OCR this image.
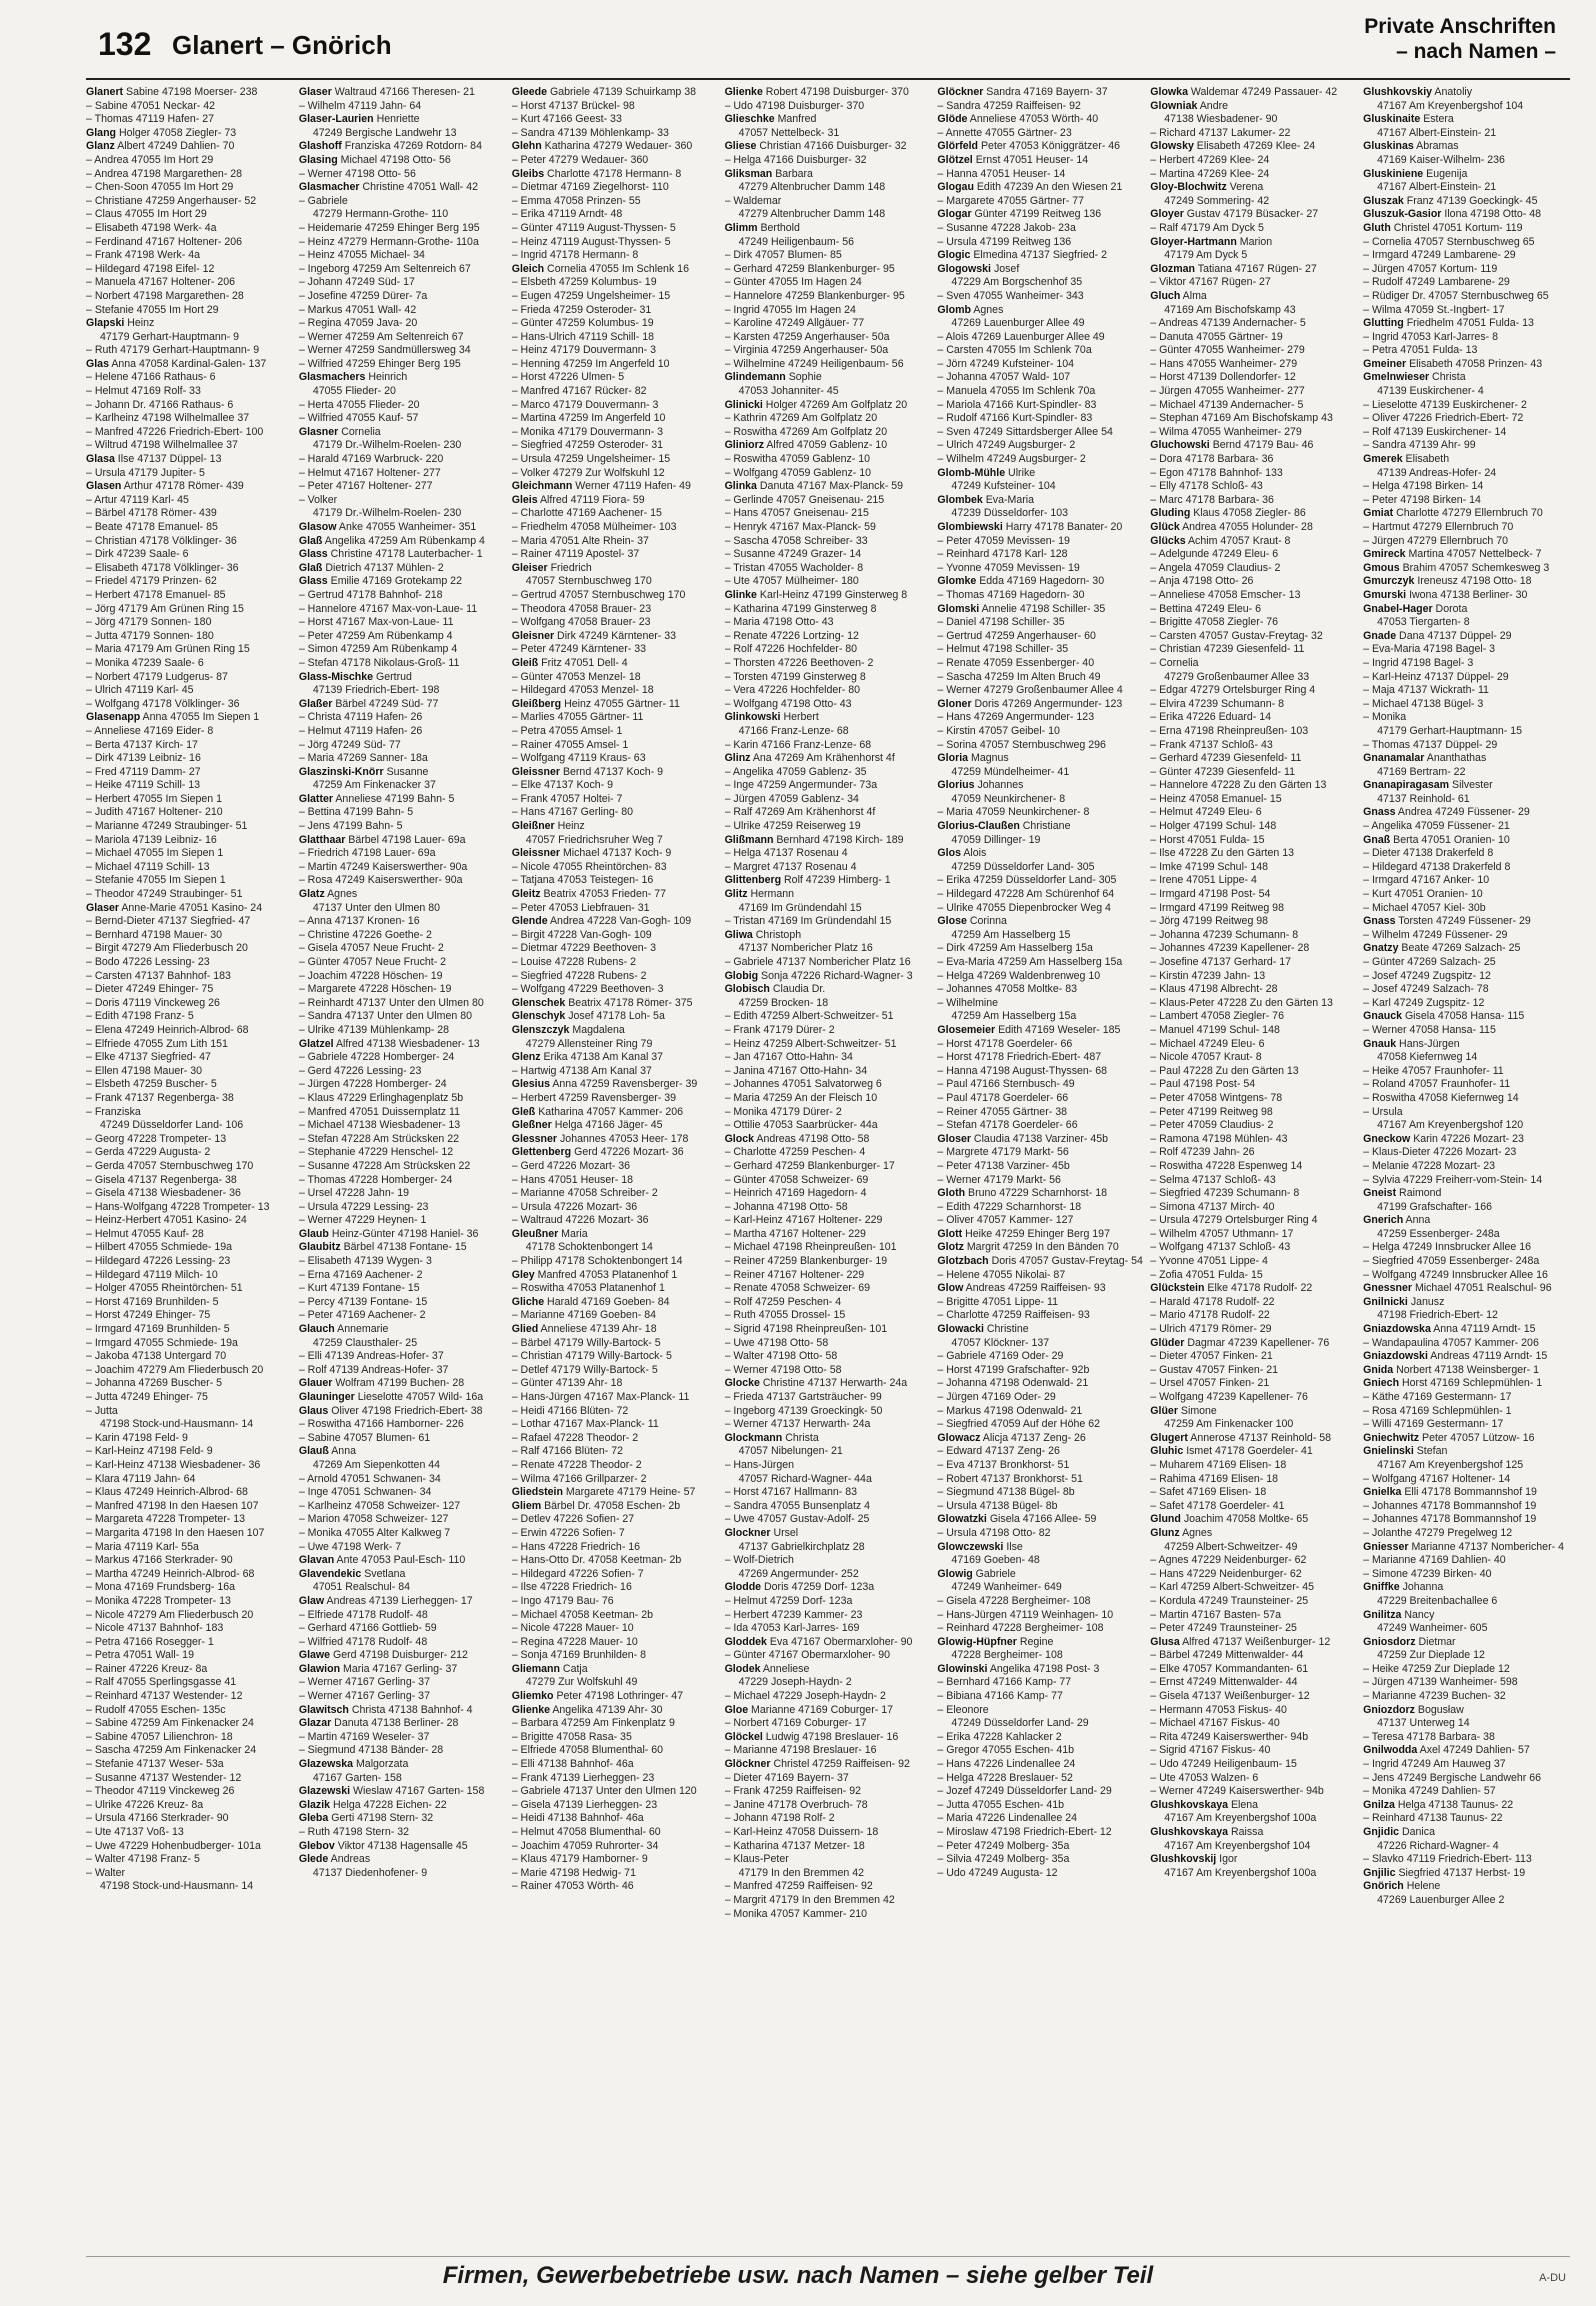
132 Glanert – Gnörich
Private Anschriften
– nach Namen –
Glanert Sabine 47198 Moerser- 238
– Sabine 47051 Neckar- 42
– Thomas 47119 Hafen- 27
Glang Holger 47058 Ziegler- 73
Glanz Albert 47249 Dahlien- 70
– Andrea 47055 Im Hort 29
– Andrea 47198 Margarethen- 28
– Chen-Soon 47055 Im Hort 29
– Christiane 47259 Angerhauser- 52
– Claus 47055 Im Hort 29
– Elisabeth 47198 Werk- 4a
– Ferdinand 47167 Holtener- 206
– Frank 47198 Werk- 4a
– Hildegard 47198 Eifel- 12
– Manuela 47167 Holtener- 206
– Norbert 47198 Margarethen- 28
– Stefanie 47055 Im Hort 29
Glapski Heinz
47179 Gerhart-Hauptmann- 9
– Ruth 47179 Gerhart-Hauptmann- 9
Glas Anna 47058 Kardinal-Galen- 137
– Helene 47166 Rathaus- 6
– Helmut 47169 Rolf- 33
– Johann Dr. 47166 Rathaus- 6
– Karlheinz 47198 Wilhelmallee 37
– Manfred 47226 Friedrich-Ebert- 100
– Wiltrud 47198 Wilhelmallee 37
Glasa Ilse 47137 Düppel- 13
– Ursula 47179 Jupiter- 5
Glasen Arthur 47178 Römer- 439
– Artur 47119 Karl- 45
– Bärbel 47178 Römer- 439
– Beate 47178 Emanuel- 85
– Christian 47178 Völklinger- 36
– Dirk 47239 Saale- 6
– Elisabeth 47178 Völklinger- 36
– Friedel 47179 Prinzen- 62
– Herbert 47178 Emanuel- 85
– Jörg 47179 Am Grünen Ring 15
– Jörg 47179 Sonnen- 180
– Jutta 47179 Sonnen- 180
– Maria 47179 Am Grünen Ring 15
– Monika 47239 Saale- 6
– Norbert 47179 Ludgerus- 87
– Ulrich 47119 Karl- 45
– Wolfgang 47178 Völklinger- 36
Glasenapp Anna 47055 Im Siepen 1
– Anneliese 47169 Eider- 8
– Berta 47137 Kirch- 17
– Dirk 47139 Leibniz- 16
– Fred 47119 Damm- 27
– Heike 47119 Schill- 13
– Herbert 47055 Im Siepen 1
– Judith 47167 Holtener- 210
– Marianne 47249 Straubinger- 51
– Mariola 47139 Leibniz- 16
– Michael 47055 Im Siepen 1
– Michael 47119 Schill- 13
– Stefanie 47055 Im Siepen 1
– Theodor 47249 Straubinger- 51
Glaser Anne-Marie 47051 Kasino- 24
– Bernd-Dieter 47137 Siegfried- 47
– Bernhard 47198 Mauer- 30
– Birgit 47279 Am Fliederbusch 20
– Bodo 47226 Lessing- 23
– Carsten 47137 Bahnhof- 183
– Dieter 47249 Ehinger- 75
– Doris 47119 Vinckeweg 26
– Edith 47198 Franz- 5
– Elena 47249 Heinrich-Albrod- 68
– Elfriede 47055 Zum Lith 151
– Elke 47137 Siegfried- 47
– Ellen 47198 Mauer- 30
– Elsbeth 47259 Buscher- 5
– Frank 47137 Regenberga- 38
– Franziska
47249 Düsseldorfer Land- 106
– Georg 47228 Trompeter- 13
– Gerda 47229 Augusta- 2
– Gerda 47057 Sternbuschweg 170
– Gisela 47137 Regenberga- 38
– Gisela 47138 Wiesbadener- 36
– Hans-Wolfgang 47228 Trompeter- 13
– Heinz-Herbert 47051 Kasino- 24
– Helmut 47055 Kauf- 28
– Hilbert 47055 Schmiede- 19a
– Hildegard 47226 Lessing- 23
– Hildegard 47119 Milch- 10
– Holger 47055 Rheintörchen- 51
– Horst 47169 Brunhilden- 5
– Horst 47249 Ehinger- 75
– Irmgard 47169 Brunhilden- 5
– Irmgard 47055 Schmiede- 19a
– Jakoba 47138 Untergard 70
– Joachim 47279 Am Fliederbusch 20
– Johanna 47269 Buscher- 5
– Jutta 47249 Ehinger- 75
– Jutta
47198 Stock-und-Hausmann- 14
– Karin 47198 Feld- 9
– Karl-Heinz 47198 Feld- 9
– Karl-Heinz 47138 Wiesbadener- 36
– Klara 47119 Jahn- 64
– Klaus 47249 Heinrich-Albrod- 68
– Manfred 47198 In den Haesen 107
– Margareta 47228 Trompeter- 13
– Margarita 47198 In den Haesen 107
– Maria 47119 Karl- 55a
– Markus 47166 Sterkrader- 90
– Martha 47249 Heinrich-Albrod- 68
– Mona 47169 Frundsberg- 16a
– Monika 47228 Trompeter- 13
– Nicole 47279 Am Fliederbusch 20
– Nicole 47137 Bahnhof- 183
– Petra 47166 Rosegger- 1
– Petra 47051 Wall- 19
– Rainer 47226 Kreuz- 8a
– Ralf 47055 Sperlingsgasse 41
– Reinhard 47137 Westender- 12
– Rudolf 47055 Eschen- 135c
– Sabine 47259 Am Finkenacker 24
– Sabine 47057 Lilienchron- 18
– Sascha 47259 Am Finkenacker 24
– Stefanie 47137 Weser- 53a
– Susanne 47137 Westender- 12
– Theodor 47119 Vinckeweg 26
– Ulrike 47226 Kreuz- 8a
– Ursula 47166 Sterkrader- 90
– Ute 47137 Voß- 13
– Uwe 47229 Hohenbudberger- 101a
– Walter 47198 Franz- 5
– Walter
47198 Stock-und-Hausmann- 14
Glaser Waltraud 47166 Theresen- 21
– Wilhelm 47119 Jahn- 64
Glaser-Laurien Henriette
47249 Bergische Landwehr 13
Glashoff Franziska 47269 Rotdorn- 84
Glasing Michael 47198 Otto- 56
– Werner 47198 Otto- 56
Glasmacher Christine 47051 Wall- 42
– Gabriele
47279 Hermann-Grothe- 110
– Heidemarie 47259 Ehinger Berg 195
– Heinz 47279 Hermann-Grothe- 110a
– Heinz 47055 Michael- 34
– Ingeborg 47259 Am Seltenreich 67
– Johann 47249 Süd- 17
– Josefine 47259 Dürer- 7a
– Markus 47051 Wall- 42
– Regina 47059 Java- 20
– Werner 47259 Am Seltenreich 67
– Werner 47259 Sandmüllersweg 34
– Wilfried 47259 Ehinger Berg 195
Glasmachers Heinrich
47055 Flieder- 20
– Herta 47055 Flieder- 20
– Wilfried 47055 Kauf- 57
Glasner Cornelia
47179 Dr.-Wilhelm-Roelen- 230
– Harald 47169 Warbruck- 220
– Helmut 47167 Holtener- 277
– Peter 47167 Holtener- 277
– Volker
47179 Dr.-Wilhelm-Roelen- 230
Glasow Anke 47055 Wanheimer- 351
Glaß Angelika 47259 Am Rübenkamp 4
Glass Christine 47178 Lauterbacher- 1
Glaß Dietrich 47137 Mühlen- 2
Glass Emilie 47169 Grotekamp 22
– Gertrud 47178 Bahnhof- 218
– Hannelore 47167 Max-von-Laue- 11
– Horst 47167 Max-von-Laue- 11
– Peter 47259 Am Rübenkamp 4
– Simon 47259 Am Rübenkamp 4
– Stefan 47178 Nikolaus-Groß- 11
Glass-Mischke Gertrud
47139 Friedrich-Ebert- 198
Glaßer Bärbel 47249 Süd- 77
– Christa 47119 Hafen- 26
– Helmut 47119 Hafen- 26
– Jörg 47249 Süd- 77
– Maria 47269 Sanner- 18a
Glaszinski-Knörr Susanne
47259 Am Finkenacker 37
Glatter Anneliese 47199 Bahn- 5
– Bettina 47199 Bahn- 5
– Jens 47199 Bahn- 5
Glatthaar Bärbel 47198 Lauer- 69a
– Friedrich 47198 Lauer- 69a
– Martin 47249 Kaiserswerther- 90a
– Rosa 47249 Kaiserswerther- 90a
Glatz Agnes
47137 Unter den Ulmen 80
– Anna 47137 Kronen- 16
– Christine 47226 Goethe- 2
– Gisela 47057 Neue Frucht- 2
– Günter 47057 Neue Frucht- 2
– Joachim 47228 Höschen- 19
– Margarete 47228 Höschen- 19
– Reinhardt 47137 Unter den Ulmen 80
– Sandra 47137 Unter den Ulmen 80
– Ulrike 47139 Mühlenkamp- 28
Glatzel Alfred 47138 Wiesbadener- 13
– Gabriele 47228 Homberger- 24
– Gerd 47226 Lessing- 23
– Jürgen 47228 Homberger- 24
– Klaus 47229 Erlinghagenplatz 5b
– Manfred 47051 Duissernplatz 11
– Michael 47138 Wiesbadener- 13
– Stefan 47228 Am Strücksken 22
– Stephanie 47229 Henschel- 12
– Susanne 47228 Am Strücksken 22
– Thomas 47228 Homberger- 24
– Ursel 47228 Jahn- 19
– Ursula 47229 Lessing- 23
– Werner 47229 Heynen- 1
Glaub Heinz-Günter 47198 Haniel- 36
Glaubitz Bärbel 47138 Fontane- 15
– Elisabeth 47139 Wygen- 3
– Erna 47169 Aachener- 2
– Kurt 47139 Fontane- 15
– Percy 47139 Fontane- 15
– Peter 47169 Aachener- 2
Glauch Annemarie
47259 Clausthaler- 25
– Elli 47139 Andreas-Hofer- 37
– Rolf 47139 Andreas-Hofer- 37
Glauer Wolfram 47199 Buchen- 28
Glauninger Lieselotte 47057 Wild- 16a
Glaus Oliver 47198 Friedrich-Ebert- 38
– Roswitha 47166 Hamborner- 226
– Sabine 47057 Blumen- 61
Glauß Anna
47269 Am Siepenkotten 44
– Arnold 47051 Schwanen- 34
– Inge 47051 Schwanen- 34
– Karlheinz 47058 Schweizer- 127
– Marion 47058 Schweizer- 127
– Monika 47055 Alter Kalkweg 7
– Uwe 47198 Werk- 7
Glavan Ante 47053 Paul-Esch- 110
Glavendekic Svetlana
47051 Realschul- 84
Glaw Andreas 47139 Lierheggen- 17
– Elfriede 47178 Rudolf- 48
– Gerhard 47166 Gottlieb- 59
– Wilfried 47178 Rudolf- 48
Glawe Gerd 47198 Duisburger- 212
Glawion Maria 47167 Gerling- 37
– Werner 47167 Gerling- 37
– Werner 47167 Gerling- 37
Glawitsch Christa 47138 Bahnhof- 4
Glazar Danuta 47138 Berliner- 28
– Martin 47169 Weseler- 37
– Siegmund 47138 Bänder- 28
Glazewska Malgorzata
47167 Garten- 158
Glazewski Wieslaw 47167 Garten- 158
Glazik Helga 47228 Eichen- 22
Gleba Gerti 47198 Stern- 32
– Ruth 47198 Stern- 32
Glebov Viktor 47138 Hagensalle 45
Glede Andreas
47137 Diedenhofener- 9
Gleede Gabriele 47139 Schuirkamp 38
– Horst 47137 Brückel- 98
– Kurt 47166 Geest- 33
– Sandra 47139 Möhlenkamp- 33
Glehn Katharina 47279 Wedauer- 360
– Peter 47279 Wedauer- 360
Gleibs Charlotte 47178 Hermann- 8
– Dietmar 47169 Ziegelhorst- 110
– Emma 47058 Prinzen- 55
– Erika 47119 Arndt- 48
– Günter 47119 August-Thyssen- 5
– Heinz 47119 August-Thyssen- 5
– Ingrid 47178 Hermann- 8
Gleich Cornelia 47055 Im Schlenk 16
– Elsbeth 47259 Kolumbus- 19
– Eugen 47259 Ungelsheimer- 15
– Frieda 47259 Osteroder- 31
– Günter 47259 Kolumbus- 19
– Hans-Ulrich 47119 Schill- 18
– Heinz 47179 Douvermann- 3
– Henning 47259 Im Angerfeld 10
– Horst 47226 Ulmen- 5
– Manfred 47167 Rücker- 82
– Marco 47179 Douvermann- 3
– Martina 47259 Im Angerfeld 10
– Monika 47179 Douvermann- 3
– Siegfried 47259 Osteroder- 31
– Ursula 47259 Ungelsheimer- 15
– Volker 47279 Zur Wolfskuhl 12
Gleichmann Werner 47119 Hafen- 49
Gleis Alfred 47119 Fiora- 59
– Charlotte 47169 Aachener- 15
– Friedhelm 47058 Mülheimer- 103
– Maria 47051 Alte Rhein- 37
– Rainer 47119 Apostel- 37
Gleiser Friedrich
47057 Sternbuschweg 170
– Gertrud 47057 Sternbuschweg 170
– Theodora 47058 Brauer- 23
– Wolfgang 47058 Brauer- 23
Gleisner Dirk 47249 Kärntener- 33
– Peter 47249 Kärntener- 33
Gleiß Fritz 47051 Dell- 4
– Günter 47053 Menzel- 18
– Hildegard 47053 Menzel- 18
Gleißberg Heinz 47055 Gärtner- 11
– Marlies 47055 Gärtner- 11
– Petra 47055 Amsel- 1
– Rainer 47055 Amsel- 1
– Wolfgang 47119 Kraus- 63
Gleissner Bernd 47137 Koch- 9
– Elke 47137 Koch- 9
– Frank 47057 Holtei- 7
– Hans 47167 Gerling- 80
Gleißner Heinz
47057 Friedrichsruher Weg 7
Gleissner Michael 47137 Koch- 9
– Nicole 47055 Rheintörchen- 83
– Tatjana 47053 Teistegen- 16
Gleitz Beatrix 47053 Frieden- 77
– Peter 47053 Liebfrauen- 31
Glende Andrea 47228 Van-Gogh- 109
– Birgit 47228 Van-Gogh- 109
– Dietmar 47229 Beethoven- 3
– Louise 47228 Rubens- 2
– Siegfried 47228 Rubens- 2
– Wolfgang 47229 Beethoven- 3
Glenschek Beatrix 47178 Römer- 375
Glenschyk Josef 47178 Loh- 5a
Glenszczyk Magdalena
47279 Allensteiner Ring 79
Glenz Erika 47138 Am Kanal 37
– Hartwig 47138 Am Kanal 37
Glesius Anna 47259 Ravensberger- 39
– Herbert 47259 Ravensberger- 39
Gleß Katharina 47057 Kammer- 206
Gleßner Helga 47166 Jäger- 45
Glessner Johannes 47053 Heer- 178
Glettenberg Gerd 47226 Mozart- 36
– Gerd 47226 Mozart- 36
– Hans 47051 Heuser- 18
– Marianne 47058 Schreiber- 2
– Ursula 47226 Mozart- 36
– Waltraud 47226 Mozart- 36
Gleußner Maria
47178 Schoktenbongert 14
– Philipp 47178 Schoktenbongert 14
Gley Manfred 47053 Platanenhof 1
– Roswitha 47053 Platanenhof 1
Gliche Harald 47169 Goeben- 84
– Marianne 47169 Goeben- 84
Glied Anneliese 47139 Ahr- 18
– Bärbel 47179 Willy-Bartock- 5
– Christian 47179 Willy-Bartock- 5
– Detlef 47179 Willy-Bartock- 5
– Günter 47139 Ahr- 18
– Hans-Jürgen 47167 Max-Planck- 11
– Heidi 47166 Blüten- 72
– Lothar 47167 Max-Planck- 11
– Rafael 47228 Theodor- 2
– Ralf 47166 Blüten- 72
– Renate 47228 Theodor- 2
– Wilma 47166 Grillparzer- 2
Gliedstein Margarete 47179 Heine- 57
Gliem Bärbel Dr. 47058 Eschen- 2b
– Detlev 47226 Sofien- 27
– Erwin 47226 Sofien- 7
– Hans 47228 Friedrich- 16
– Hans-Otto Dr. 47058 Keetman- 2b
– Hildegard 47226 Sofien- 7
– Ilse 47228 Friedrich- 16
– Ingo 47179 Bau- 76
– Michael 47058 Keetman- 2b
– Nicole 47228 Mauer- 10
– Regina 47228 Mauer- 10
– Sonja 47169 Brunhilden- 8
Gliemann Catja
47279 Zur Wolfskuhl 49
Gliemko Peter 47198 Lothringer- 47
Glienke Angelika 47139 Ahr- 30
– Barbara 47259 Am Finkenplatz 9
– Brigitte 47058 Rasa- 35
– Elfriede 47058 Blumenthal- 60
– Elli 47138 Bahnhof- 46a
– Frank 47139 Lierheggen- 23
– Gabriele 47137 Unter den Ulmen 120
– Gisela 47139 Lierheggen- 23
– Heidi 47138 Bahnhof- 46a
– Helmut 47058 Blumenthal- 60
– Joachim 47059 Ruhrorter- 34
– Klaus 47179 Hamborner- 9
– Marie 47198 Hedwig- 71
– Rainer 47053 Wörth- 46
Glienke Robert 47198 Duisburger- 370
– Udo 47198 Duisburger- 370
Glieschke Manfred
47057 Nettelbeck- 31
Gliese Christian 47166 Duisburger- 32
– Helga 47166 Duisburger- 32
Gliksman Barbara
47279 Altenbrucher Damm 148
– Waldemar
47279 Altenbrucher Damm 148
Glimm Berthold
47249 Heiligenbaum- 56
– Dirk 47057 Blumen- 85
– Gerhard 47259 Blankenburger- 95
– Günter 47055 Im Hagen 24
– Hannelore 47259 Blankenburger- 95
– Ingrid 47055 Im Hagen 24
– Karoline 47249 Allgäuer- 77
– Karsten 47259 Angerhauser- 50a
– Virginia 47259 Angerhauser- 50a
– Wilhelmine 47249 Heiligenbaum- 56
Glindemann Sophie
47053 Johanniter- 45
Glinicki Holger 47269 Am Golfplatz 20
– Kathrin 47269 Am Golfplatz 20
– Roswitha 47269 Am Golfplatz 20
Gliniorz Alfred 47059 Gablenz- 10
– Roswitha 47059 Gablenz- 10
– Wolfgang 47059 Gablenz- 10
Glinka Danuta 47167 Max-Planck- 59
– Gerlinde 47057 Gneisenau- 215
– Hans 47057 Gneisenau- 215
– Henryk 47167 Max-Planck- 59
– Sascha 47058 Schreiber- 33
– Susanne 47249 Grazer- 14
– Tristan 47055 Wacholder- 8
– Ute 47057 Mülheimer- 180
Glinke Karl-Heinz 47199 Ginsterweg 8
– Katharina 47199 Ginsterweg 8
– Maria 47198 Otto- 43
– Renate 47226 Lortzing- 12
– Rolf 47226 Hochfelder- 80
– Thorsten 47226 Beethoven- 2
– Torsten 47199 Ginsterweg 8
– Vera 47226 Hochfelder- 80
– Wolfgang 47198 Otto- 43
Glinkowski Herbert
47166 Franz-Lenze- 68
– Karin 47166 Franz-Lenze- 68
Glinz Ana 47269 Am Krähenhorst 4f
– Angelika 47059 Gablenz- 35
– Inge 47259 Angermunder- 73a
– Jürgen 47059 Gablenz- 34
– Ralf 47269 Am Krähenhorst 4f
– Ulrike 47259 Reiserweg 19
Glißmann Bernhard 47198 Kirch- 189
– Helga 47137 Rosenau 4
– Margret 47137 Rosenau 4
Glittenberg Rolf 47239 Himberg- 1
Glitz Hermann
47169 Im Gründendahl 15
– Tristan 47169 Im Gründendahl 15
Gliwa Christoph
47137 Nombericher Platz 16
– Gabriele 47137 Nombericher Platz 16
Globig Sonja 47226 Richard-Wagner- 3
Globisch Claudia Dr.
47259 Brocken- 18
– Edith 47259 Albert-Schweitzer- 51
– Frank 47179 Dürer- 2
– Heinz 47259 Albert-Schweitzer- 51
– Jan 47167 Otto-Hahn- 34
– Janina 47167 Otto-Hahn- 34
– Johannes 47051 Salvatorweg 6
– Maria 47259 An der Fleisch 10
– Monika 47179 Dürer- 2
– Ottilie 47053 Saarbrücker- 44a
Glock Andreas 47198 Otto- 58
– Charlotte 47259 Peschen- 4
– Gerhard 47259 Blankenburger- 17
– Günter 47058 Schweizer- 69
– Heinrich 47169 Hagedorn- 4
– Johanna 47198 Otto- 58
– Karl-Heinz 47167 Holtener- 229
– Martha 47167 Holtener- 229
– Michael 47198 Rheinpreußen- 101
– Reiner 47259 Blankenburger- 19
– Reiner 47167 Holtener- 229
– Renate 47058 Schweizer- 69
– Rolf 47259 Peschen- 4
– Ruth 47055 Drossel- 15
– Sigrid 47198 Rheinpreußen- 101
– Uwe 47198 Otto- 58
– Walter 47198 Otto- 58
– Werner 47198 Otto- 58
Glocke Christine 47137 Herwarth- 24a
– Frieda 47137 Gartsträucher- 99
– Ingeborg 47139 Groeckingk- 50
– Werner 47137 Herwarth- 24a
Glockmann Christa
47057 Nibelungen- 21
– Hans-Jürgen
47057 Richard-Wagner- 44a
– Horst 47167 Hallmann- 83
– Sandra 47055 Bunsenplatz 4
– Uwe 47057 Gustav-Adolf- 25
Glockner Ursel
47137 Gabrielkirchplatz 28
– Wolf-Dietrich
47269 Angermunder- 252
Glodde Doris 47259 Dorf- 123a
– Helmut 47259 Dorf- 123a
– Herbert 47239 Kammer- 23
– Ida 47053 Karl-Jarres- 169
Gloddek Eva 47167 Obermarxloher- 90
– Günter 47167 Obermarxloher- 90
Glodek Anneliese
47229 Joseph-Haydn- 2
– Michael 47229 Joseph-Haydn- 2
Gloe Marianne 47169 Coburger- 17
– Norbert 47169 Coburger- 17
Glöckel Ludwig 47198 Breslauer- 16
– Marianne 47198 Breslauer- 16
Glöckner Christel 47259 Raiffeisen- 92
– Dieter 47169 Bayern- 37
– Frank 47259 Raiffeisen- 92
– Janine 47178 Overbruch- 78
– Johann 47198 Rolf- 2
– Karl-Heinz 47058 Duissern- 18
– Katharina 47137 Metzer- 18
– Klaus-Peter
47179 In den Bremmen 42
– Manfred 47259 Raiffeisen- 92
– Margrit 47179 In den Bremmen 42
– Monika 47057 Kammer- 210
Glöckner Sandra 47169 Bayern- 37
– Sandra 47259 Raiffeisen- 92
Glöde Anneliese 47053 Wörth- 40
– Annette 47055 Gärtner- 23
Glörfeld Peter 47053 Königgrätzer- 46
Glötzel Ernst 47051 Heuser- 14
– Hanna 47051 Heuser- 14
Glogau Edith 47239 An den Wiesen 21
– Margarete 47055 Gärtner- 77
Glogar Günter 47199 Reitweg 136
– Susanne 47228 Jakob- 23a
– Ursula 47199 Reitweg 136
Glogic Elmedina 47137 Siegfried- 2
Glogowski Josef
47229 Am Borgschenhof 35
– Sven 47055 Wanheimer- 343
Glomb Agnes
47269 Lauenburger Allee 49
– Alois 47269 Lauenburger Allee 49
– Carsten 47055 Im Schlenk 70a
– Jörn 47249 Kufsteiner- 104
– Johanna 47057 Wald- 107
– Manuela 47055 Im Schlenk 70a
– Mariola 47166 Kurt-Spindler- 83
– Rudolf 47166 Kurt-Spindler- 83
– Sven 47249 Sittardsberger Allee 54
– Ulrich 47249 Augsburger- 2
– Wilhelm 47249 Augsburger- 2
Glomb-Mühle Ulrike
47249 Kufsteiner- 104
Glombek Eva-Maria
47239 Düsseldorfer- 103
Glombiewski Harry 47178 Banater- 20
– Peter 47059 Mevissen- 19
– Reinhard 47178 Karl- 128
– Yvonne 47059 Mevissen- 19
Glomke Edda 47169 Hagedorn- 30
– Thomas 47169 Hagedorn- 30
Glomski Annelie 47198 Schiller- 35
– Daniel 47198 Schiller- 35
– Gertrud 47259 Angerhauser- 60
– Helmut 47198 Schiller- 35
– Renate 47059 Essenberger- 40
– Sascha 47259 Im Alten Bruch 49
– Werner 47279 Großenbaumer Allee 4
Gloner Doris 47269 Angermunder- 123
– Hans 47269 Angermunder- 123
– Kirstin 47057 Geibel- 10
– Sorina 47057 Sternbuschweg 296
Gloria Magnus
47259 Mündelheimer- 41
Glorius Johannes
47059 Neunkirchener- 8
– Maria 47059 Neunkirchener- 8
Glorius-Claußen Christiane
47059 Dillinger- 19
Glos Alois
47259 Düsseldorfer Land- 305
– Erika 47259 Düsseldorfer Land- 305
– Hildegard 47228 Am Schürenhof 64
– Ulrike 47055 Diepenbrocker Weg 4
Glose Corinna
47259 Am Hasselberg 15
– Dirk 47259 Am Hasselberg 15a
– Eva-Maria 47259 Am Hasselberg 15a
– Helga 47269 Waldenbrenweg 10
– Johannes 47058 Moltke- 83
– Wilhelmine
47259 Am Hasselberg 15a
Glosemeier Edith 47169 Weseler- 185
– Horst 47178 Goerdeler- 66
– Horst 47178 Friedrich-Ebert- 487
– Hanna 47198 August-Thyssen- 68
– Paul 47166 Sternbusch- 49
– Paul 47178 Goerdeler- 66
– Reiner 47055 Gärtner- 38
– Stefan 47178 Goerdeler- 66
Gloser Claudia 47138 Varziner- 45b
– Margrete 47179 Markt- 56
– Peter 47138 Varziner- 45b
– Werner 47179 Markt- 56
Gloth Bruno 47229 Scharnhorst- 18
– Edith 47229 Scharnhorst- 18
– Oliver 47057 Kammer- 127
Glott Heike 47259 Ehinger Berg 197
Glotz Margrit 47259 In den Bänden 70
Glotzbach Doris 47057 Gustav-Freytag- 54
– Helene 47055 Nikolai- 87
Glow Andreas 47259 Raiffeisen- 93
– Brigitte 47051 Lippe- 11
– Charlotte 47259 Raiffeisen- 93
Glowacki Christine
47057 Klöckner- 137
– Gabriele 47169 Oder- 29
– Horst 47199 Grafschafter- 92b
– Johanna 47198 Odenwald- 21
– Jürgen 47169 Oder- 29
– Markus 47198 Odenwald- 21
– Siegfried 47059 Auf der Höhe 62
Glowacz Alicja 47137 Zeng- 26
– Edward 47137 Zeng- 26
– Eva 47137 Bronkhorst- 51
– Robert 47137 Bronkhorst- 51
– Siegmund 47138 Bügel- 8b
– Ursula 47138 Bügel- 8b
Glowatzki Gisela 47166 Allee- 59
– Ursula 47198 Otto- 82
Glowczewski Ilse
47169 Goeben- 48
Glowig Gabriele
47249 Wanheimer- 649
– Gisela 47228 Bergheimer- 108
– Hans-Jürgen 47119 Weinhagen- 10
– Reinhard 47228 Bergheimer- 108
Glowig-Hüpfner Regine
47228 Bergheimer- 108
Glowinski Angelika 47198 Post- 3
– Bernhard 47166 Kamp- 77
– Bibiana 47166 Kamp- 77
– Eleonore
47249 Düsseldorfer Land- 29
– Erika 47228 Kahlacker 2
– Gregor 47055 Eschen- 41b
– Hans 47226 Lindenallee 24
– Helga 47228 Breslauer- 52
– Jozef 47249 Düsseldorfer Land- 29
– Jutta 47055 Eschen- 41b
– Maria 47226 Lindenallee 24
– Miroslaw 47198 Friedrich-Ebert- 12
– Peter 47249 Molberg- 35a
– Silvia 47249 Molberg- 35a
– Udo 47249 Augusta- 12
Glowka Waldemar 47249 Passauer- 42
Glowniak Andre
47138 Wiesbadener- 90
– Richard 47137 Lakumer- 22
Glowsky Elisabeth 47269 Klee- 24
– Herbert 47269 Klee- 24
– Martina 47269 Klee- 24
Gloy-Blochwitz Verena
47249 Sommering- 42
Gloyer Gustav 47179 Büsacker- 27
– Ralf 47179 Am Dyck 5
Gloyer-Hartmann Marion
47179 Am Dyck 5
Glozman Tatiana 47167 Rügen- 27
– Viktor 47167 Rügen- 27
Gluch Alma
47169 Am Bischofskamp 43
– Andreas 47139 Andernacher- 5
– Danuta 47055 Gärtner- 19
– Günter 47055 Wanheimer- 279
– Hans 47055 Wanheimer- 279
– Horst 47139 Dollendorfer- 12
– Jürgen 47055 Wanheimer- 277
– Michael 47139 Andernacher- 5
– Stephan 47169 Am Bischofskamp 43
– Wilma 47055 Wanheimer- 279
Gluchowski Bernd 47179 Bau- 46
– Dora 47178 Barbara- 36
– Egon 47178 Bahnhof- 133
– Elly 47178 Schloß- 43
– Marc 47178 Barbara- 36
Gluding Klaus 47058 Ziegler- 86
Glück Andrea 47055 Holunder- 28
Glücks Achim 47057 Kraut- 8
– Adelgunde 47249 Eleu- 6
– Angela 47059 Claudius- 2
– Anja 47198 Otto- 26
– Anneliese 47058 Emscher- 13
– Bettina 47249 Eleu- 6
– Brigitte 47058 Ziegler- 76
– Carsten 47057 Gustav-Freytag- 32
– Christian 47239 Giesenfeld- 11
– Cornelia
47279 Großenbaumer Allee 33
– Edgar 47279 Ortelsburger Ring 4
– Elvira 47239 Schumann- 8
– Erika 47226 Eduard- 14
– Erna 47198 Rheinpreußen- 103
– Frank 47137 Schloß- 43
– Gerhard 47239 Giesenfeld- 11
– Günter 47239 Giesenfeld- 11
– Hannelore 47228 Zu den Gärten 13
– Heinz 47058 Emanuel- 15
– Helmut 47249 Eleu- 6
– Holger 47199 Schul- 148
– Horst 47051 Fulda- 15
– Ilse 47228 Zu den Gärten 13
– Imke 47199 Schul- 148
– Irene 47051 Lippe- 4
– Irmgard 47198 Post- 54
– Irmgard 47199 Reitweg 98
– Jörg 47199 Reitweg 98
– Johanna 47239 Schumann- 8
– Johannes 47239 Kapellener- 28
– Josefine 47137 Gerhard- 17
– Kirstin 47239 Jahn- 13
– Klaus 47198 Albrecht- 28
– Klaus-Peter 47228 Zu den Gärten 13
– Lambert 47058 Ziegler- 76
– Manuel 47199 Schul- 148
– Michael 47249 Eleu- 6
– Nicole 47057 Kraut- 8
– Paul 47228 Zu den Gärten 13
– Paul 47198 Post- 54
– Peter 47058 Wintgens- 78
– Peter 47199 Reitweg 98
– Peter 47059 Claudius- 2
– Ramona 47198 Mühlen- 43
– Rolf 47239 Jahn- 26
– Roswitha 47228 Espenweg 14
– Selma 47137 Schloß- 43
– Siegfried 47239 Schumann- 8
– Simona 47137 Mirch- 40
– Ursula 47279 Ortelsburger Ring 4
– Wilhelm 47057 Uthmann- 17
– Wolfgang 47137 Schloß- 43
– Yvonne 47051 Lippe- 4
– Zofia 47051 Fulda- 15
Glückstein Elke 47178 Rudolf- 22
– Harald 47178 Rudolf- 22
– Mario 47178 Rudolf- 22
– Ulrich 47179 Römer- 29
Glüder Dagmar 47239 Kapellener- 76
– Dieter 47057 Finken- 21
– Gustav 47057 Finken- 21
– Ursel 47057 Finken- 21
– Wolfgang 47239 Kapellener- 76
Glüer Simone
47259 Am Finkenacker 100
Glugert Annerose 47137 Reinhold- 58
Gluhic Ismet 47178 Goerdeler- 41
– Muharem 47169 Elisen- 18
– Rahima 47169 Elisen- 18
– Safet 47169 Elisen- 18
– Safet 47178 Goerdeler- 41
Glund Joachim 47058 Moltke- 65
Glunz Agnes
47259 Albert-Schweitzer- 49
– Agnes 47229 Neidenburger- 62
– Hans 47229 Neidenburger- 62
– Karl 47259 Albert-Schweitzer- 45
– Kordula 47249 Traunsteiner- 25
– Martin 47167 Basten- 57a
– Peter 47249 Traunsteiner- 25
Glusa Alfred 47137 Weißenburger- 12
– Bärbel 47249 Mittenwalder- 44
– Elke 47057 Kommandanten- 61
– Ernst 47249 Mittenwalder- 44
– Gisela 47137 Weißenburger- 12
– Hermann 47053 Fiskus- 40
– Michael 47167 Fiskus- 40
– Rita 47249 Kaiserswerther- 94b
– Sigrid 47167 Fiskus- 40
– Udo 47249 Heiligenbaum- 15
– Ute 47053 Walzen- 6
– Werner 47249 Kaiserswerther- 94b
Glushkovskaya Elena
47167 Am Kreyenbergshof 100a
Glushkovskaya Raissa
47167 Am Kreyenbergshof 104
Glushkovskij Igor
47167 Am Kreyenbergshof 100a
Glushkovskiy Anatoliy
47167 Am Kreyenbergshof 104
Gluskinaite Estera
47167 Albert-Einstein- 21
Gluskinas Abramas
47169 Kaiser-Wilhelm- 236
Gluskiniene Eugenija
47167 Albert-Einstein- 21
Gluszak Franz 47139 Goeckingk- 45
Gluszuk-Gasior Ilona 47198 Otto- 48
Gluth Christel 47051 Kortum- 119
– Cornelia 47057 Sternbuschweg 65
– Irmgard 47249 Lambarene- 29
– Jürgen 47057 Kortum- 119
– Rudolf 47249 Lambarene- 29
– Rüdiger Dr. 47057 Sternbuschweg 65
– Wilma 47059 St.-Ingbert- 17
Glutting Friedhelm 47051 Fulda- 13
– Ingrid 47053 Karl-Jarres- 8
– Petra 47051 Fulda- 13
Gmeiner Elisabeth 47058 Prinzen- 43
Gmelnwieser Christa
47139 Euskirchener- 4
– Lieselotte 47139 Euskirchener- 2
– Oliver 47226 Friedrich-Ebert- 72
– Rolf 47139 Euskirchener- 14
– Sandra 47139 Ahr- 99
Gmerek Elisabeth
47139 Andreas-Hofer- 24
– Helga 47198 Birken- 14
– Peter 47198 Birken- 14
Gmiat Charlotte 47279 Ellernbruch 70
– Hartmut 47279 Ellernbruch 70
– Jürgen 47279 Ellernbruch 70
Gmireck Martina 47057 Nettelbeck- 7
Gmous Brahim 47057 Schemkesweg 3
Gmurczyk Ireneusz 47198 Otto- 18
Gmurski Iwona 47138 Berliner- 30
Gnabel-Hager Dorota
47053 Tiergarten- 8
Gnade Dana 47137 Düppel- 29
– Eva-Maria 47198 Bagel- 3
– Ingrid 47198 Bagel- 3
– Karl-Heinz 47137 Düppel- 29
– Maja 47137 Wickrath- 11
– Michael 47138 Bügel- 3
– Monika
47179 Gerhart-Hauptmann- 15
– Thomas 47137 Düppel- 29
Gnanamalar Ananthathas
47169 Bertram- 22
Gnanapiragasam Silvester
47137 Reinhold- 61
Gnass Andrea 47249 Füssener- 29
– Angelika 47059 Füssener- 21
Gnaß Berta 47051 Oranien- 10
– Dieter 47138 Drakerfeld 8
– Hildegard 47138 Drakerfeld 8
– Irmgard 47167 Anker- 10
– Kurt 47051 Oranien- 10
– Michael 47057 Kiel- 30b
Gnass Torsten 47249 Füssener- 29
– Wilhelm 47249 Füssener- 29
Gnatzy Beate 47269 Salzach- 25
– Günter 47269 Salzach- 25
– Josef 47249 Zugspitz- 12
– Josef 47249 Salzach- 78
– Karl 47249 Zugspitz- 12
Gnauck Gisela 47058 Hansa- 115
– Werner 47058 Hansa- 115
Gnauk Hans-Jürgen
47058 Kiefernweg 14
– Heike 47057 Fraunhofer- 11
– Roland 47057 Fraunhofer- 11
– Roswitha 47058 Kiefernweg 14
– Ursula
47167 Am Kreyenbergshof 120
Gneckow Karin 47226 Mozart- 23
– Klaus-Dieter 47226 Mozart- 23
– Melanie 47228 Mozart- 23
– Sylvia 47229 Freiherr-vom-Stein- 14
Gneist Raimond
47199 Grafschafter- 166
Gnerich Anna
47259 Essenberger- 248a
– Helga 47249 Innsbrucker Allee 16
– Siegfried 47059 Essenberger- 248a
– Wolfgang 47249 Innsbrucker Allee 16
Gnessner Michael 47051 Realschul- 96
Gnilnicki Janusz
47198 Friedrich-Ebert- 12
Gniazdowska Anna 47119 Arndt- 15
– Wandapaulina 47057 Kammer- 206
Gniazdowski Andreas 47119 Arndt- 15
Gnida Norbert 47138 Weinsberger- 1
Gniech Horst 47169 Schlepmühlen- 1
– Käthe 47169 Gestermann- 17
– Rosa 47169 Schlepmühlen- 1
– Willi 47169 Gestermann- 17
Gniechwitz Peter 47057 Lützow- 16
Gnielinski Stefan
47167 Am Kreyenbergshof 125
– Wolfgang 47167 Holtener- 14
Gnielka Elli 47178 Bommannshof 19
– Johannes 47178 Bommannshof 19
– Johannes 47178 Bommannshof 19
– Jolanthe 47279 Pregelweg 12
Gniesser Marianne 47137 Nombericher- 4
– Marianne 47169 Dahlien- 40
– Simone 47239 Birken- 40
Gniffke Johanna
47229 Breitenbachallee 6
Gnilitza Nancy
47249 Wanheimer- 605
Gniosdorz Dietmar
47259 Zur Diepladе 12
– Heike 47259 Zur Diepladе 12
– Jürgen 47139 Wanheimer- 598
– Marianne 47239 Buchen- 32
Gniozdorz Bogusław
47137 Unterweg 14
– Teresa 47178 Barbara- 38
Gnilwodda Axel 47249 Dahlien- 57
– Ingrid 47249 Am Hauweg 37
– Jens 47249 Bergische Landwehr 66
– Monika 47249 Dahlien- 57
Gnilza Helga 47138 Taunus- 22
– Reinhard 47138 Taunus- 22
Gnjidic Danica
47226 Richard-Wagner- 4
– Slavko 47119 Friedrich-Ebert- 113
Gnjilic Siegfried 47137 Herbst- 19
Gnörich Helene
47269 Lauenburger Allee 2
Firmen, Gewerbebetriebe usw. nach Namen – siehe gelber Teil	A-DU
